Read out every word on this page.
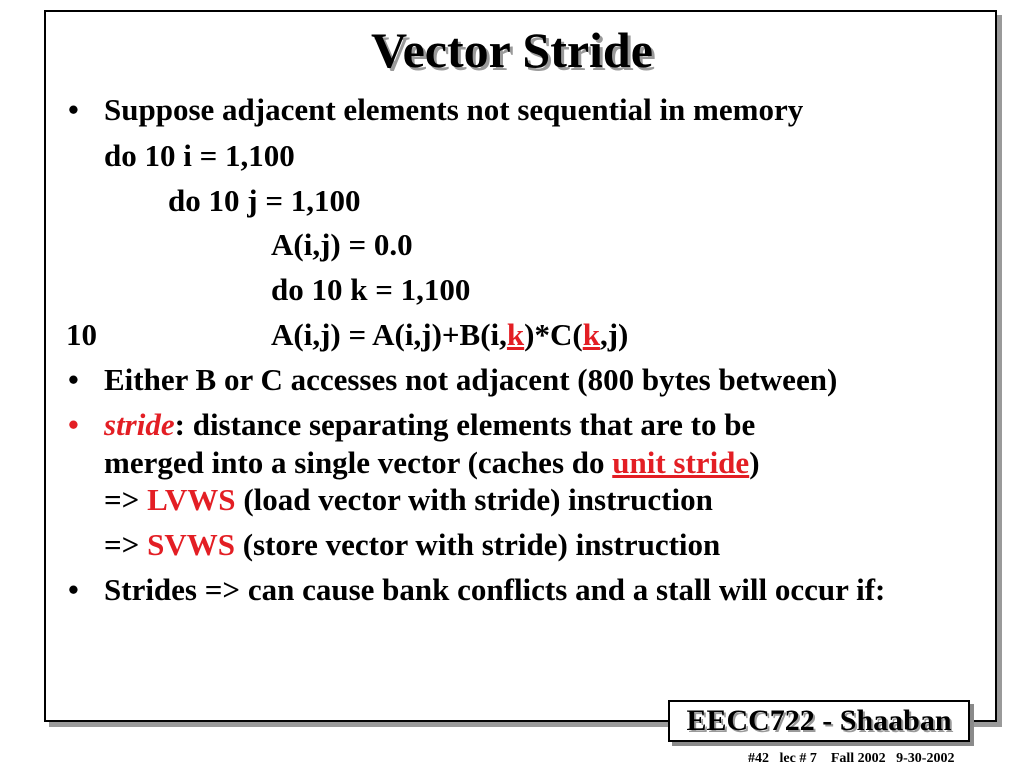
Vector Stride
• Suppose adjacent elements not sequential in memory
do 10 i = 1,100
do 10 j = 1,100
A(i,j) = 0.0
do 10 k = 1,100
10	A(i,j) = A(i,j)+B(i,k)*C(k,j)
• Either B or C accesses not adjacent (800 bytes between)
• stride: distance separating elements that are to be
merged into a single vector (caches do unit stride)
=> LVWS (load vector with stride) instruction
=> SVWS (store vector with stride) instruction
• Strides => can cause bank conflicts and a stall will occur if:
EECC722 - Shaaban
#42   lec # 7    Fall 2002   9-30-2002
